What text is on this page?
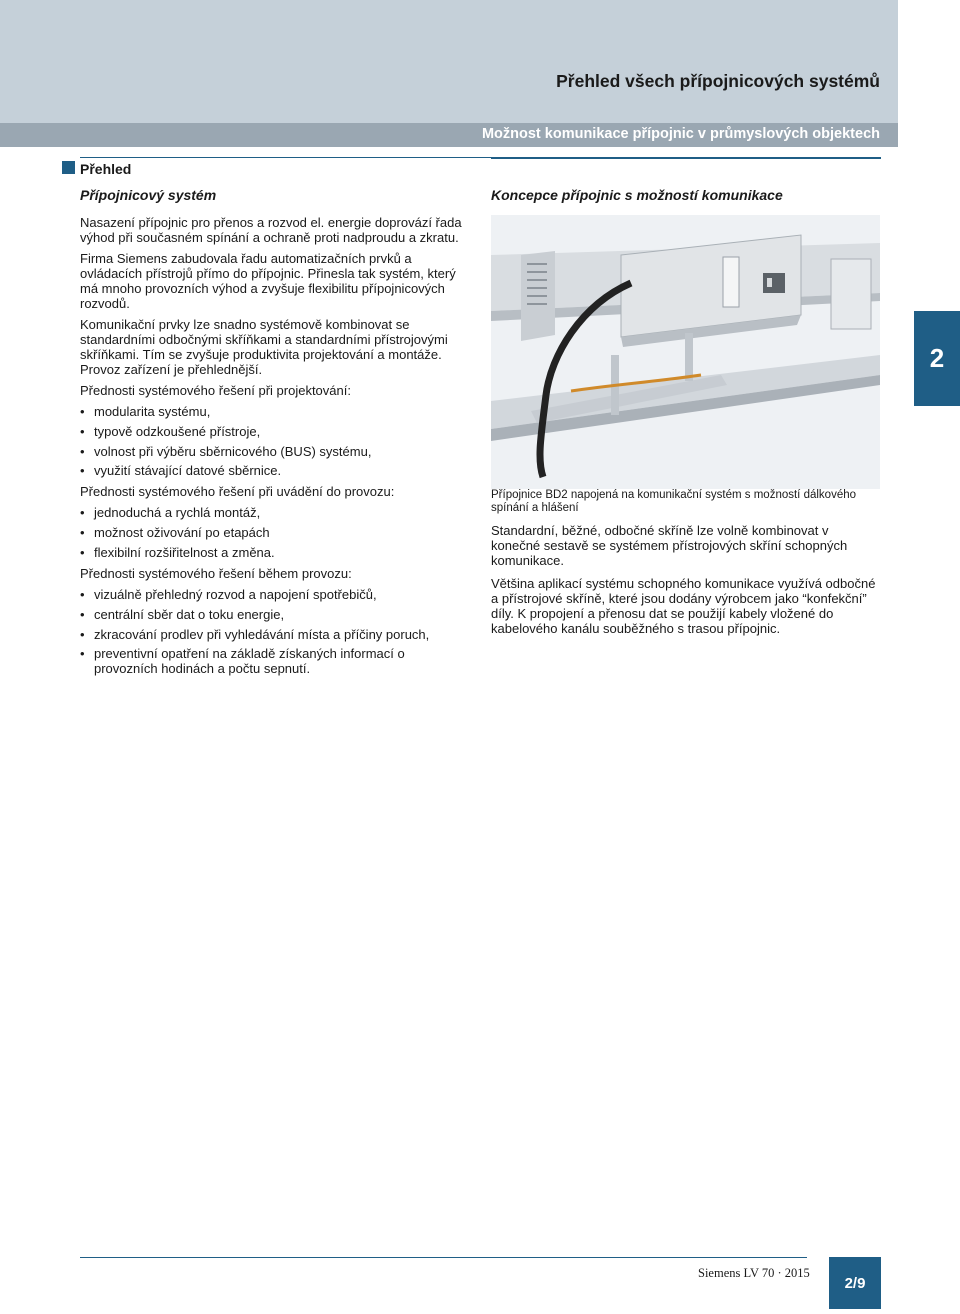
Přehled všech přípojnicových systémů
Možnost komunikace přípojnic v průmyslových objektech
Přehled
Přípojnicový systém

Nasazení přípojnic pro přenos a rozvod el. energie doprovází řada výhod při současném spínání a ochraně proti nadproudu a zkratu.

Firma Siemens zabudovala řadu automatizačních prvků a ovládacích přístrojů přímo do přípojnic. Přinesla tak systém, který má mnoho provozních výhod a zvyšuje flexibilitu přípojnicových rozvodů.

Komunikační prvky lze snadno systémově kombinovat se standardními odbočnými skříňkami a standardními přístrojovými skříňkami. Tím se zvyšuje produktivita projektování a montáže. Provoz zařízení je přehlednější.

Přednosti systémového řešení při projektování:

• modularita systému,
• typově odzkoušené přístroje,
• volnost při výběru sběrnicového (BUS) systému,
• využití stávající datové sběrnice.

Přednosti systémového řešení při uvádění do provozu:

• jednoduchá a rychlá montáž,
• možnost oživování po etapách
• flexibilní rozšiřitelnost a změna.

Přednosti systémového řešení během provozu:

• vizuálně přehledný rozvod a napojení spotřebičů,
• centrální sběr dat o toku energie,
• zkracování prodlev při vyhledávání místa a příčiny poruch,
• preventivní opatření na základě získaných informací o provozních hodinách a počtu sepnutí.
Koncepce přípojnic s možností komunikace

Přípojnice BD2 napojená na komunikační systém s možností dálkového spínání a hlášení

Standardní, běžné, odbočné skříně lze volně kombinovat v konečné sestavě se systémem přístrojových skříní schopných komunikace.

Většina aplikací systému schopného komunikace využívá odbočné a přístrojové skříně, které jsou dodány výrobcem jako “konfekční” díly. K propojení a přenosu dat se použijí kabely vložené do kabelového kanálu souběžného s trasou přípojnic.

2
Siemens LV 70 · 2015
2/9
